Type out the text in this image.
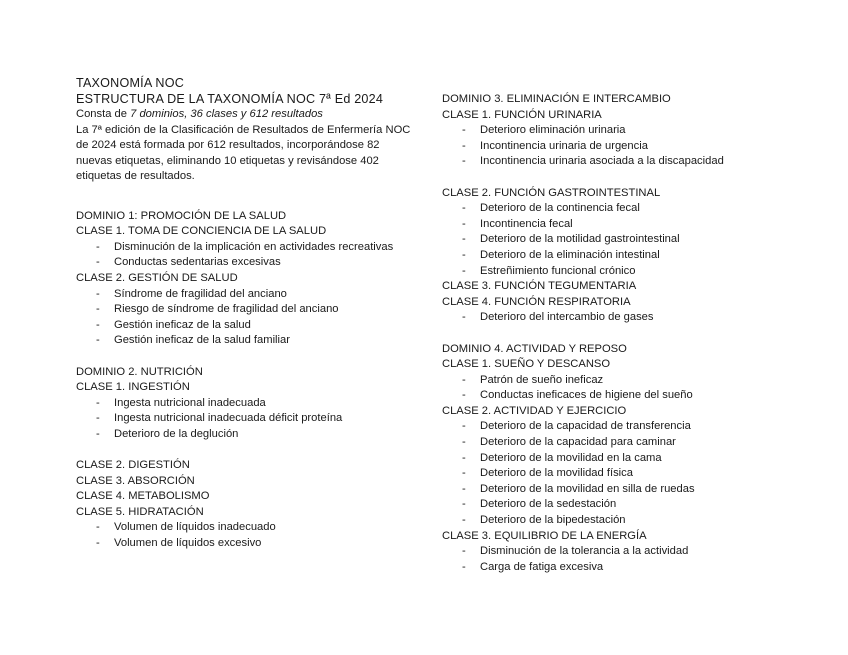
TAXONOMÍA NOC
ESTRUCTURA DE LA TAXONOMÍA NOC 7ª Ed 2024
Consta de 7 dominios, 36 clases y 612 resultados
La 7ª edición de la Clasificación de Resultados de Enfermería NOC de 2024 está formada por 612 resultados, incorporándose 82 nuevas etiquetas, eliminando 10 etiquetas y revisándose 402 etiquetas de resultados.
DOMINIO 1: PROMOCIÓN DE LA SALUD
CLASE 1. TOMA DE CONCIENCIA DE LA SALUD
- Disminución de la implicación en actividades recreativas
- Conductas sedentarias excesivas
CLASE 2. GESTIÓN DE SALUD
- Síndrome de fragilidad del anciano
- Riesgo de síndrome de fragilidad del anciano
- Gestión ineficaz de la salud
- Gestión ineficaz de la salud familiar
DOMINIO 2. NUTRICIÓN
CLASE 1. INGESTIÓN
- Ingesta nutricional inadecuada
- Ingesta nutricional inadecuada déficit proteína
- Deterioro de la deglución
CLASE 2. DIGESTIÓN
CLASE 3. ABSORCIÓN
CLASE 4. METABOLISMO
CLASE 5. HIDRATACIÓN
- Volumen de líquidos inadecuado
- Volumen de líquidos excesivo
DOMINIO 3. ELIMINACIÓN E INTERCAMBIO
CLASE 1. FUNCIÓN URINARIA
- Deterioro eliminación urinaria
- Incontinencia urinaria de urgencia
- Incontinencia urinaria asociada a la discapacidad
CLASE 2. FUNCIÓN GASTROINTESTINAL
- Deterioro de la continencia fecal
- Incontinencia fecal
- Deterioro de la motilidad gastrointestinal
- Deterioro de la eliminación intestinal
- Estreñimiento funcional crónico
CLASE 3. FUNCIÓN TEGUMENTARIA
CLASE 4. FUNCIÓN RESPIRATORIA
- Deterioro del intercambio de gases
DOMINIO 4. ACTIVIDAD Y REPOSO
CLASE 1. SUEÑO Y DESCANSO
- Patrón de sueño ineficaz
- Conductas ineficaces de higiene del sueño
CLASE 2. ACTIVIDAD Y EJERCICIO
- Deterioro de la capacidad de transferencia
- Deterioro de la capacidad para caminar
- Deterioro de la movilidad en la cama
- Deterioro de la movilidad física
- Deterioro de la movilidad en silla de ruedas
- Deterioro de la sedestación
- Deterioro de la bipedestación
CLASE 3. EQUILIBRIO DE LA ENERGÍA
- Disminución de la tolerancia a la actividad
- Carga de fatiga excesiva
